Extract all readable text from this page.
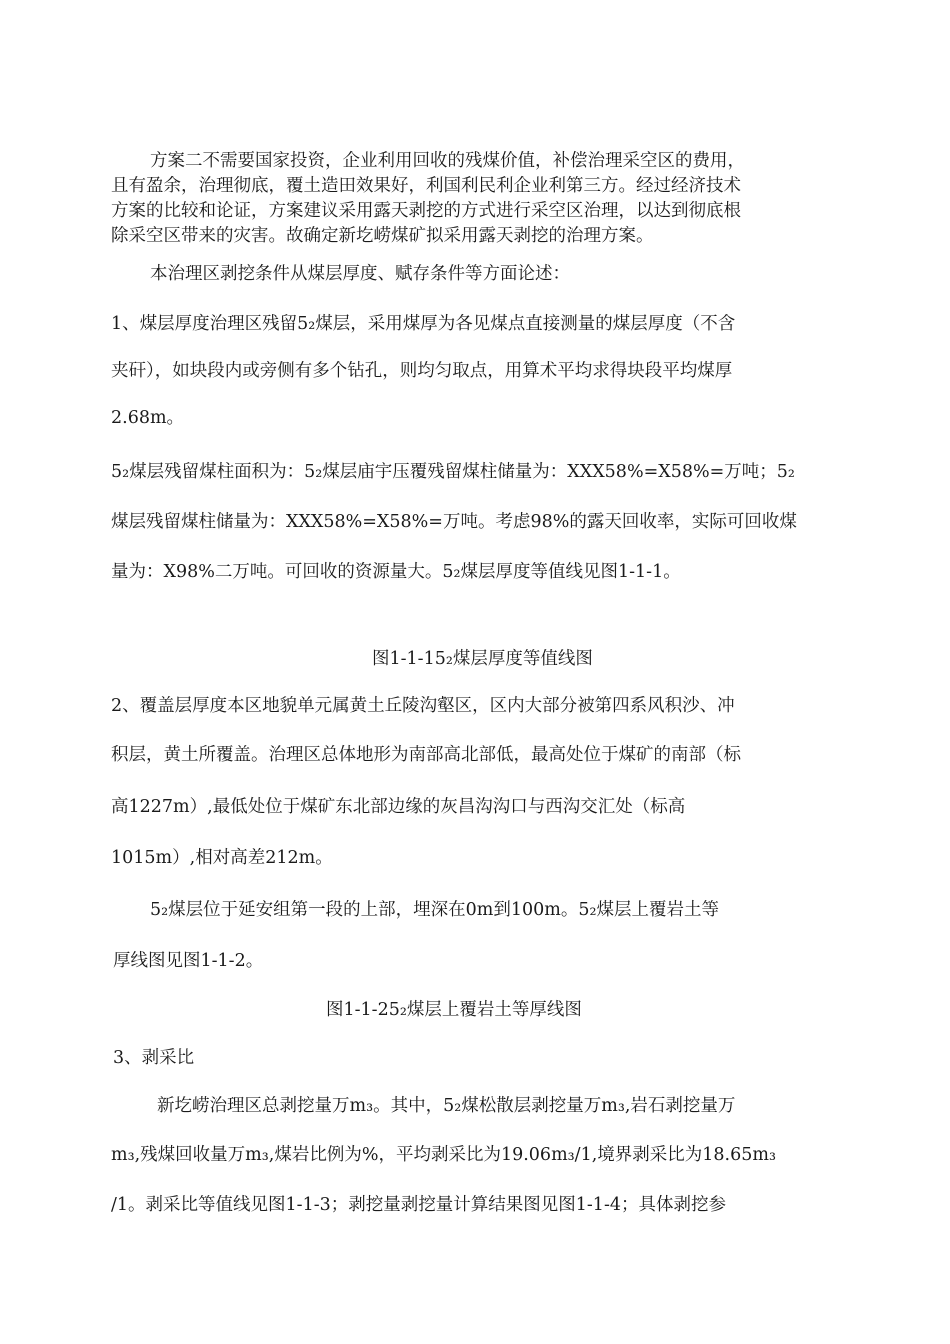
方案二不需要国家投资，企业利用回收的残煤价值，补偿治理采空区的费用，
且有盈余，治理彻底，覆土造田效果好，利国利民利企业利第三方。经过经济技术
方案的比较和论证，方案建议采用露天剥挖的方式进行采空区治理，以达到彻底根
除采空区带来的灾害。故确定新圪崂煤矿拟采用露天剥挖的治理方案。
本治理区剥挖条件从煤层厚度、赋存条件等方面论述：
1、煤层厚度治理区残留5₂煤层，采用煤厚为各见煤点直接测量的煤层厚度（不含
夹矸），如块段内或旁侧有多个钻孔，则均匀取点，用算术平均求得块段平均煤厚
2.68m。
5₂煤层残留煤柱面积为：5₂煤层庙宇压覆残留煤柱储量为：XXX58%=X58%=万吨；5₂
煤层残留煤柱储量为：XXX58%=X58%=万吨。考虑98%的露天回收率，实际可回收煤
量为：X98%二万吨。可回收的资源量大。5₂煤层厚度等值线见图1-1-1。
图1-1-15₂煤层厚度等值线图
2、覆盖层厚度本区地貌单元属黄土丘陵沟壑区，区内大部分被第四系风积沙、冲
积层，黄土所覆盖。治理区总体地形为南部高北部低，最高处位于煤矿的南部（标
高1227m）,最低处位于煤矿东北部边缘的灰昌沟沟口与西沟交汇处（标高
1015m）,相对高差212m。
5₂煤层位于延安组第一段的上部，埋深在0m到100m。5₂煤层上覆岩土等
厚线图见图1-1-2。
图1-1-25₂煤层上覆岩土等厚线图
3、剥采比
新圪崂治理区总剥挖量万m₃。其中，5₂煤松散层剥挖量万m₃,岩石剥挖量万
m₃,残煤回收量万m₃,煤岩比例为%，平均剥采比为19.06m₃/1,境界剥采比为18.65m₃
/1。剥采比等值线见图1-1-3；剥挖量剥挖量计算结果图见图1-1-4；具体剥挖参
